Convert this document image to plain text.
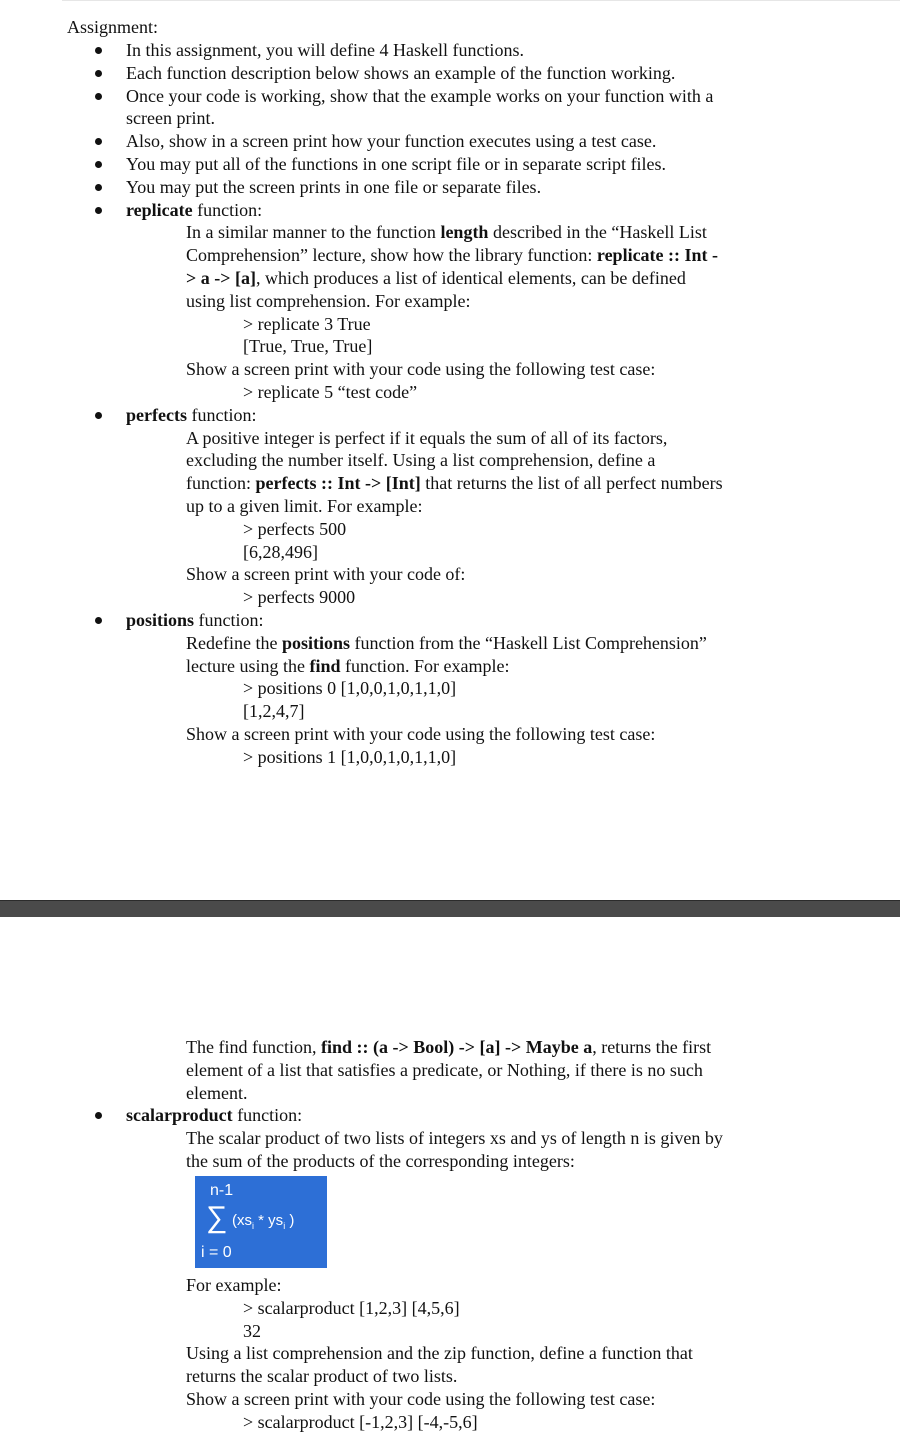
Assignment:
In this assignment, you will define 4 Haskell functions.
Each function description below shows an example of the function working.
Once your code is working, show that the example works on your function with a
screen print.
Also, show in a screen print how your function executes using a test case.
You may put all of the functions in one script file or in separate script files.
You may put the screen prints in one file or separate files.
replicate function:
In a similar manner to the function length described in the “Haskell List
Comprehension” lecture, show how the library function: replicate :: Int -
> a -> [a], which produces a list of identical elements, can be defined
using list comprehension. For example:
> replicate 3 True
[True, True, True]
Show a screen print with your code using the following test case:
> replicate 5 “test code”
perfects function:
A positive integer is perfect if it equals the sum of all of its factors,
excluding the number itself. Using a list comprehension, define a
function: perfects :: Int -> [Int] that returns the list of all perfect numbers
up to a given limit. For example:
> perfects 500
[6,28,496]
Show a screen print with your code of:
> perfects 9000
positions function:
Redefine the positions function from the “Haskell List Comprehension”
lecture using the find function. For example:
> positions 0 [1,0,0,1,0,1,1,0]
[1,2,4,7]
Show a screen print with your code using the following test case:
> positions 1 [1,0,0,1,0,1,1,0]
The find function, find :: (a -> Bool) -> [a] -> Maybe a, returns the first
element of a list that satisfies a predicate, or Nothing, if there is no such
element.
scalarproduct function:
The scalar product of two lists of integers xs and ys of length n is given by
the sum of the products of the corresponding integers:
n-1
∑ ($xs_i * ys_i$ )
i = 0
For example:
> scalarproduct [1,2,3] [4,5,6]
32
Using a list comprehension and the zip function, define a function that
returns the scalar product of two lists.
Show a screen print with your code using the following test case:
> scalarproduct [-1,2,3] [-4,-5,6]
